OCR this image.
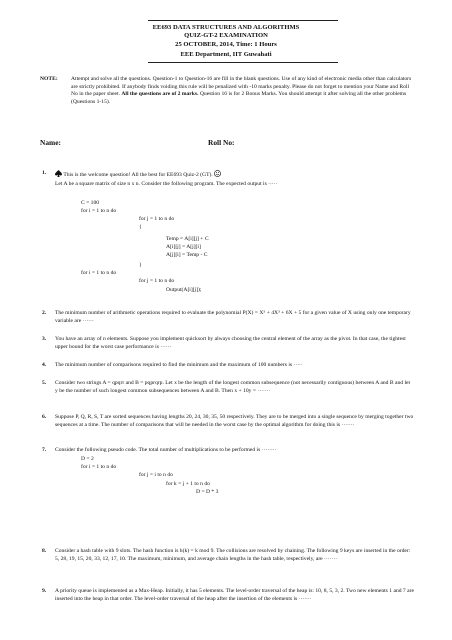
EE693 DATA STRUCTURES AND ALGORITHMS
QUIZ-GT-2 EXAMINATION
25 OCTOBER, 2014, Time: 1 Hours
EEE Department, IIT Guwahati
NOTE: Attempt and solve all the questions. Question-1 to Question-16 are fill in the blank questions. Use of any kind of electronic media other than calculators are strictly prohibited. If anybody finds voiding this rule will be penalized with -10 marks penalty. Please do not forget to mention your Name and Roll No in the paper sheet. All the questions are of 2 marks. Question 16 is for 2 Bonus Marks. You should attempt it after solving all the other problems (Questions 1-15).
Name:	Roll No:
1.	This is the welcome question! All the best for EE693 Quiz-2 (GT).
Let A be a square matrix of size n x n. Consider the following program. The expected output is ·····
C = 100
for i = 1 to n do
for j = 1 to n do
{
Temp = A[i][j] + C
A[i][j] = A[j][i]
A[j][i] = Temp - C
}
for i = 1 to n do
for j = 1 to n do
Output(A[i][j]);
2. The minimum number of arithmetic operations required to evaluate the polynomial P(X) = X⁵ + 4X³ + 6X + 5 for a given value of X using only one temporary variable are ······
3. You have an array of n elements. Suppose you implement quicksort by always choosing the central element of the array as the pivot. In that case, the tightest upper bound for the worst case performance is ······
4. The minimum number of comparisons required to find the minimum and the maximum of 100 numbers is ·····
5. Consider two strings A = qpqrr and B = pqprqrp. Let x be the length of the longest common subsequence (not necessarily contiguous) between A and B and let y be the number of such longest common subsequences between A and B. Then x + 10y = ·······
6. Suppose P, Q, R, S, T are sorted sequences having lengths 20, 24, 30, 35, 50 respectively. They are to be merged into a single sequence by merging together two sequences at a time. The number of comparisons that will be needed in the worst case by the optimal algorithm for doing this is ·······
7. Consider the following pseudo code. The total number of multiplications to be performed is ········
D = 2
for i = 1 to n do
for j = i to n do
for k = j + 1 to n do
D = D * 3
8. Consider a hash table with 9 slots. The hash function is h(k) = k mod 9. The collisions are resolved by chaining. The following 9 keys are inserted in the order: 5, 28, 19, 15, 20, 33, 12, 17, 10. The maximum, minimum, and average chain lengths in the hash table, respectively, are ·······
9. A priority queue is implemented as a Max-Heap. Initially, it has 5 elements. The level-order traversal of the heap is: 10, 8, 5, 3, 2. Two new elements 1 and 7 are inserted into the heap in that order. The level-order traversal of the heap after the insertion of the elements is ·······
